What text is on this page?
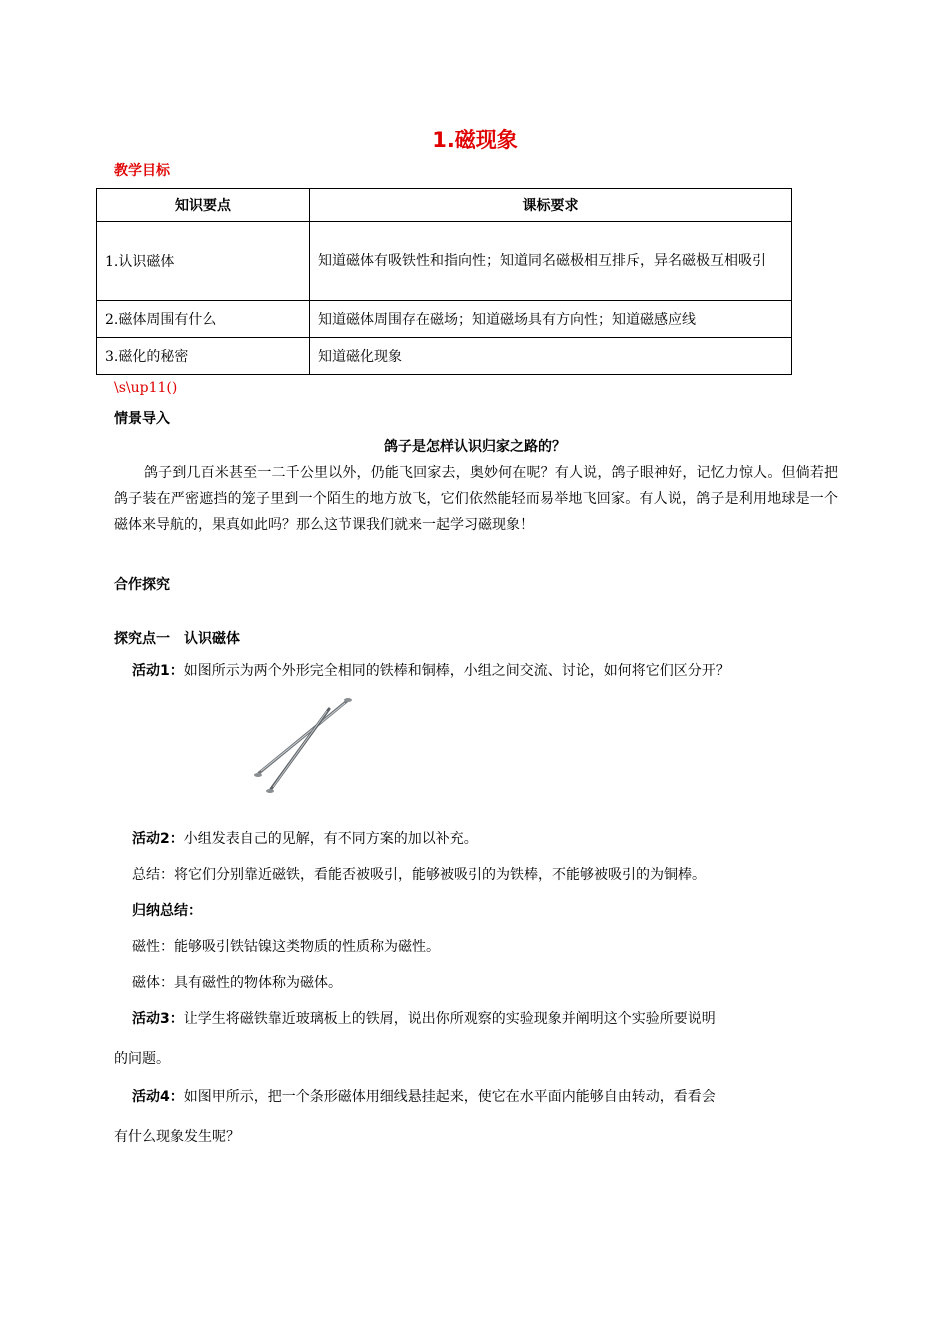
1.磁现象
教学目标
知识要点	课标要求
1.认识磁体	知道磁体有吸铁性和指向性；知道同名磁极相互排斥，异名磁极互相吸引
2.磁体周围有什么	知道磁体周围存在磁场；知道磁场具有方向性；知道磁感应线
3.磁化的秘密	知道磁化现象
\s\up11()
情景导入
鸽子是怎样认识归家之路的？
鸽子到几百米甚至一二千公里以外，仍能飞回家去，奥妙何在呢？有人说，鸽子眼神好，记忆力惊人。但倘若把鸽子装在严密遮挡的笼子里到一个陌生的地方放飞，它们依然能轻而易举地飞回家。有人说，鸽子是利用地球是一个磁体来导航的，果真如此吗？那么这节课我们就来一起学习磁现象！
合作探究
探究点一　认识磁体
活动1：如图所示为两个外形完全相同的铁棒和铜棒，小组之间交流、讨论，如何将它们区分开？
活动2：小组发表自己的见解，有不同方案的加以补充。
总结：将它们分别靠近磁铁，看能否被吸引，能够被吸引的为铁棒，不能够被吸引的为铜棒。
归纳总结：
磁性：能够吸引铁钴镍这类物质的性质称为磁性。
磁体：具有磁性的物体称为磁体。
活动3：让学生将磁铁靠近玻璃板上的铁屑，说出你所观察的实验现象并阐明这个实验所要说明
的问题。
活动4：如图甲所示，把一个条形磁体用细线悬挂起来，使它在水平面内能够自由转动，看看会
有什么现象发生呢？
